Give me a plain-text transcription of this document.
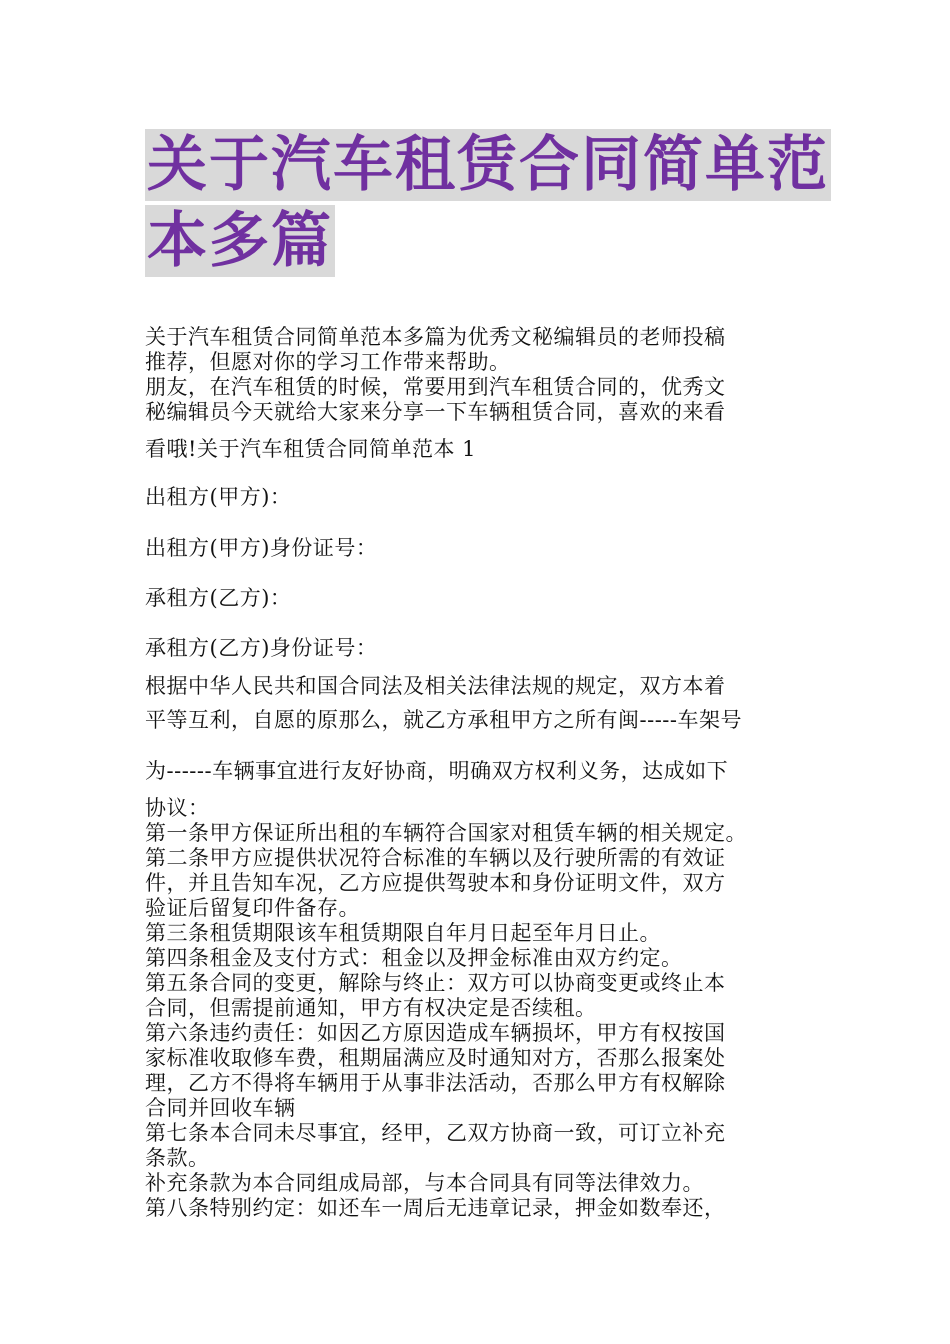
关于汽车租赁合同简单范
本多篇
关于汽车租赁合同简单范本多篇为优秀文秘编辑员的老师投稿
推荐，但愿对你的学习工作带来帮助。
朋友，在汽车租赁的时候，常要用到汽车租赁合同的，优秀文
秘编辑员今天就给大家来分享一下车辆租赁合同，喜欢的来看
看哦!关于汽车租赁合同简单范本 1
出租方(甲方)：
出租方(甲方)身份证号：
承租方(乙方)：
承租方(乙方)身份证号：
根据中华人民共和国合同法及相关法律法规的规定，双方本着
平等互利，自愿的原那么，就乙方承租甲方之所有闽-----车架号
为------车辆事宜进行友好协商，明确双方权利义务，达成如下
协议：
第一条甲方保证所出租的车辆符合国家对租赁车辆的相关规定。
第二条甲方应提供状况符合标准的车辆以及行驶所需的有效证
件，并且告知车况，乙方应提供驾驶本和身份证明文件，双方
验证后留复印件备存。
第三条租赁期限该车租赁期限自年月日起至年月日止。
第四条租金及支付方式：租金以及押金标准由双方约定。
第五条合同的变更，解除与终止：双方可以协商变更或终止本
合同，但需提前通知，甲方有权决定是否续租。
第六条违约责任：如因乙方原因造成车辆损坏，甲方有权按国
家标准收取修车费，租期届满应及时通知对方，否那么报案处
理，乙方不得将车辆用于从事非法活动，否那么甲方有权解除
合同并回收车辆
第七条本合同未尽事宜，经甲，乙双方协商一致，可订立补充
条款。
补充条款为本合同组成局部，与本合同具有同等法律效力。
第八条特别约定：如还车一周后无违章记录，押金如数奉还，
